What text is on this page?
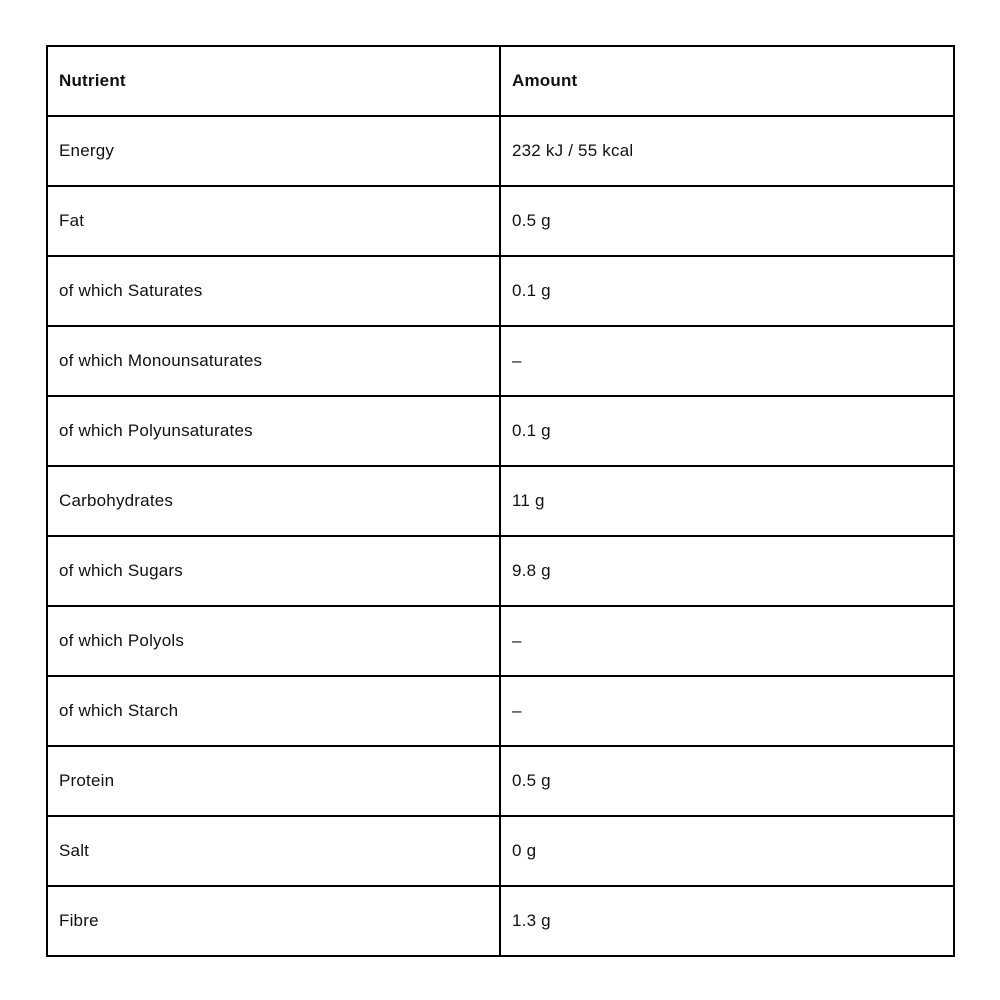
Nutrient	Amount
Energy	232 kJ / 55 kcal
Fat	0.5 g
of which Saturates	0.1 g
of which Monounsaturates	–
of which Polyunsaturates	0.1 g
Carbohydrates	11 g
of which Sugars	9.8 g
of which Polyols	–
of which Starch	–
Protein	0.5 g
Salt	0 g
Fibre	1.3 g
